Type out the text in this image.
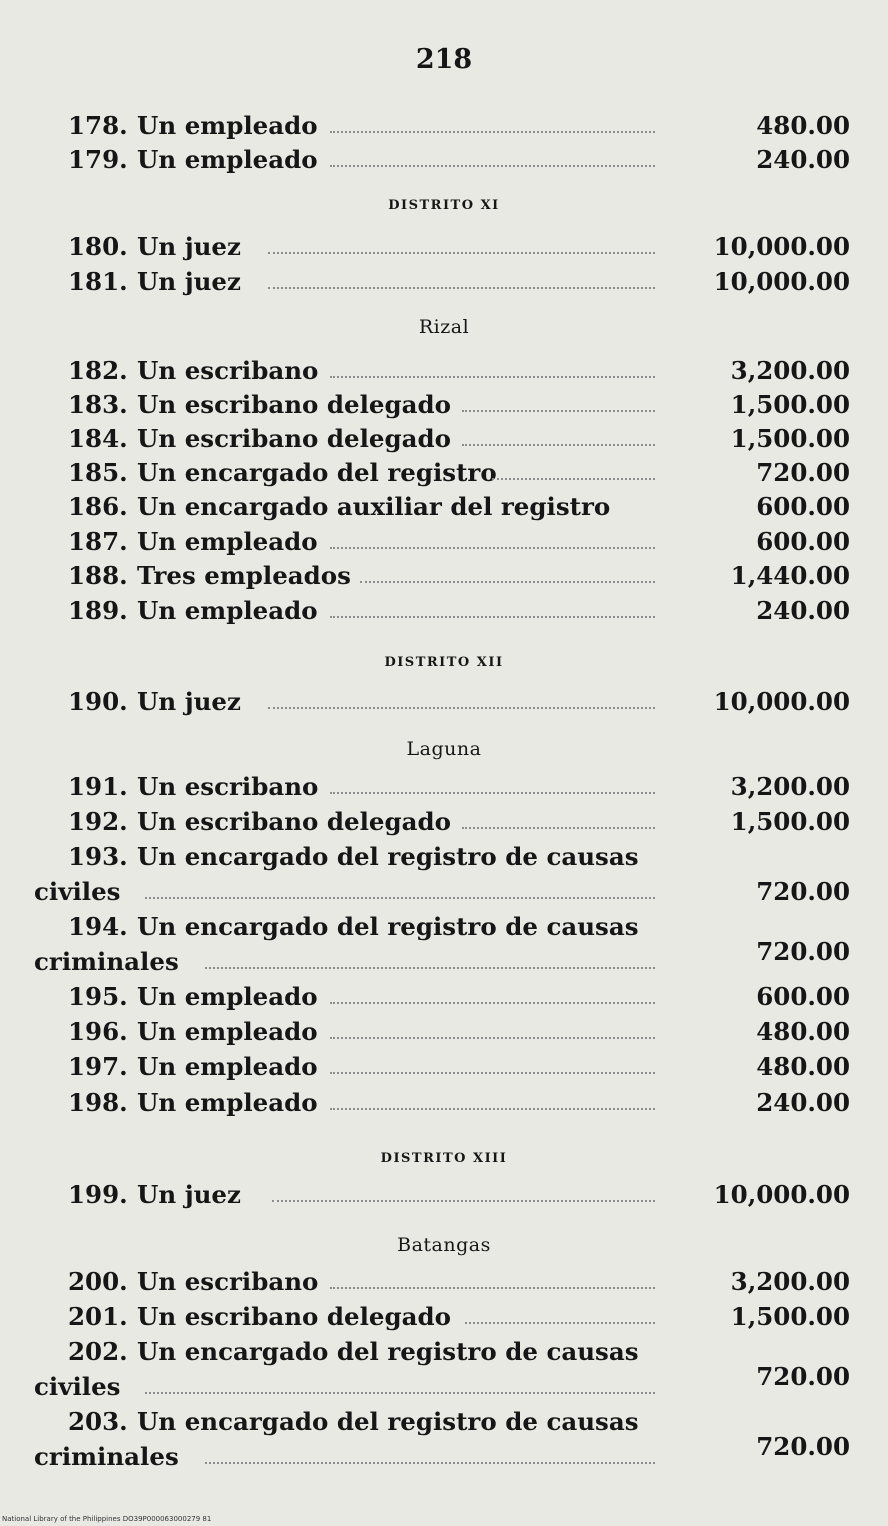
218
178. Un empleado	480.00
179. Un empleado	240.00
DISTRITO XI
180. Un juez	10,000.00
181. Un juez	10,000.00
Rizal
182. Un escribano	3,200.00
183. Un escribano delegado	1,500.00
184. Un escribano delegado	1,500.00
185. Un encargado del registro	720.00
186. Un encargado auxiliar del registro	600.00
187. Un empleado	600.00
188. Tres empleados	1,440.00
189. Un empleado	240.00
DISTRITO XII
190. Un juez	10,000.00
Laguna
191. Un escribano	3,200.00
192. Un escribano delegado	1,500.00
193. Un encargado del registro de causas
civiles	720.00
194. Un encargado del registro de causas
criminales	720.00
195. Un empleado	600.00
196. Un empleado	480.00
197. Un empleado	480.00
198. Un empleado	240.00
DISTRITO XIII
199. Un juez	10,000.00
Batangas
200. Un escribano	3,200.00
201. Un escribano delegado	1,500.00
202. Un encargado del registro de causas
civiles	720.00
203. Un encargado del registro de causas
criminales	720.00
National Library of the Philippines DO39P000063000279 81
